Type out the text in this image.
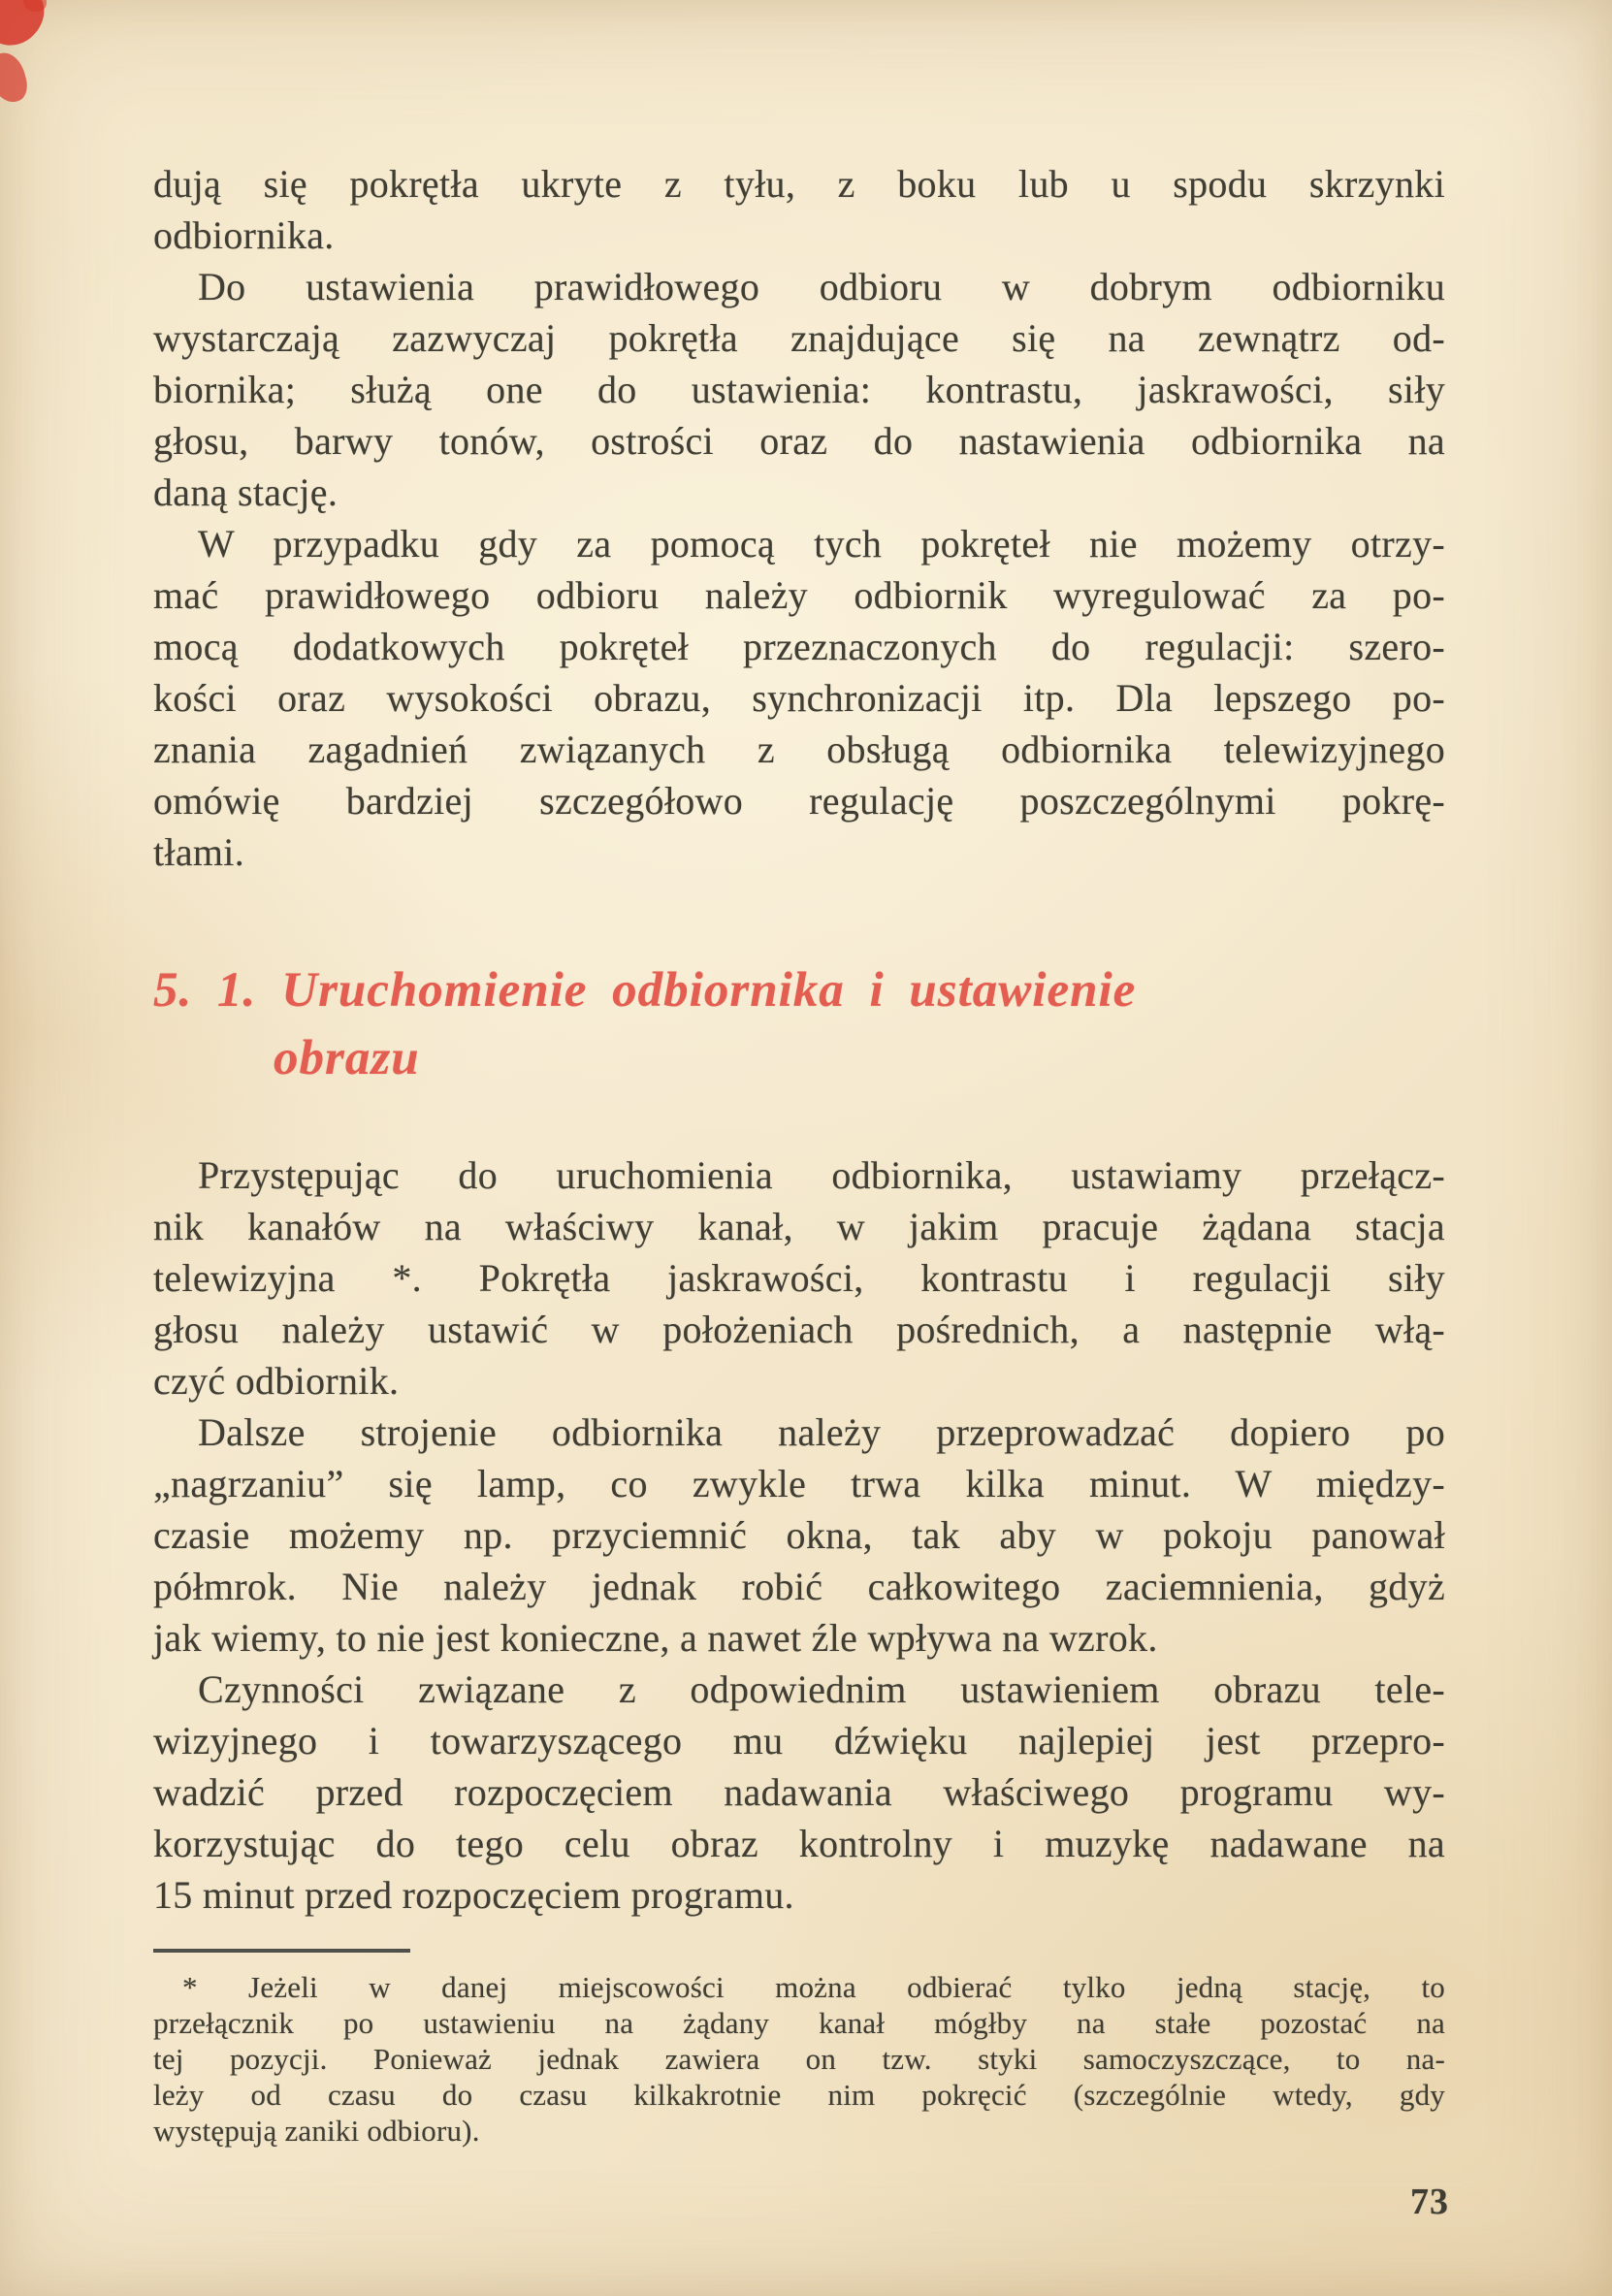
dują się pokrętła ukryte z tyłu, z boku lub u spodu skrzynki
odbiornika.
Do ustawienia prawidłowego odbioru w dobrym odbiorniku
wystarczają zazwyczaj pokrętła znajdujące się na zewnątrz od-
biornika; służą one do ustawienia: kontrastu, jaskrawości, siły
głosu, barwy tonów, ostrości oraz do nastawienia odbiornika na
daną stację.
W przypadku gdy za pomocą tych pokręteł nie możemy otrzy-
mać prawidłowego odbioru należy odbiornik wyregulować za po-
mocą dodatkowych pokręteł przeznaczonych do regulacji: szero-
kości oraz wysokości obrazu, synchronizacji itp. Dla lepszego po-
znania zagadnień związanych z obsługą odbiornika telewizyjnego
omówię bardziej szczegółowo regulację poszczególnymi pokrę-
tłami.
5. 1. Uruchomienie odbiornika i ustawienie
obrazu
Przystępując do uruchomienia odbiornika, ustawiamy przełącz-
nik kanałów na właściwy kanał, w jakim pracuje żądana stacja
telewizyjna *. Pokrętła jaskrawości, kontrastu i regulacji siły
głosu należy ustawić w położeniach pośrednich, a następnie włą-
czyć odbiornik.
Dalsze strojenie odbiornika należy przeprowadzać dopiero po
„nagrzaniu” się lamp, co zwykle trwa kilka minut. W między-
czasie możemy np. przyciemnić okna, tak aby w pokoju panował
półmrok. Nie należy jednak robić całkowitego zaciemnienia, gdyż
jak wiemy, to nie jest konieczne, a nawet źle wpływa na wzrok.
Czynności związane z odpowiednim ustawieniem obrazu tele-
wizyjnego i towarzyszącego mu dźwięku najlepiej jest przepro-
wadzić przed rozpoczęciem nadawania właściwego programu wy-
korzystując do tego celu obraz kontrolny i muzykę nadawane na
15 minut przed rozpoczęciem programu.
* Jeżeli w danej miejscowości można odbierać tylko jedną stację, to
przełącznik po ustawieniu na żądany kanał mógłby na stałe pozostać na
tej pozycji. Ponieważ jednak zawiera on tzw. styki samoczyszczące, to na-
leży od czasu do czasu kilkakrotnie nim pokręcić (szczególnie wtedy, gdy
występują zaniki odbioru).
73
